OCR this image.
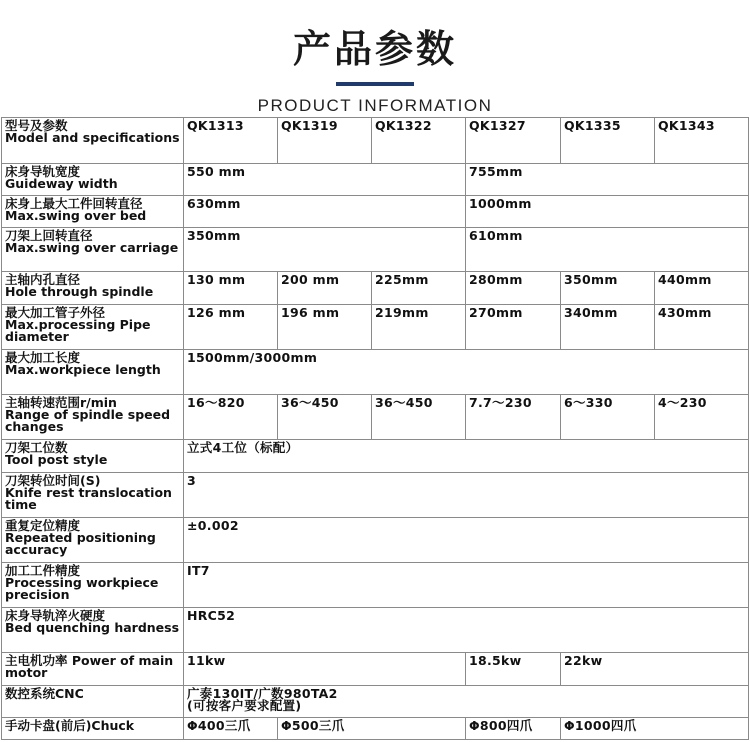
产品参数
PRODUCT INFORMATION
型号及参数
Model and specifications	QK1313	QK1319	QK1322	QK1327	QK1335	QK1343

床身导轨宽度
Guideway width	550 mm			755mm		

床身上最大工件回转直径
Max.swing over bed	630mm			1000mm		

刀架上回转直径
Max.swing over carriage	350mm			610mm		

主轴内孔直径
Hole through spindle	130 mm	200 mm	225mm	280mm	350mm	440mm

最大加工管子外径
Max.processing Pipe diameter	126 mm	196 mm	219mm	270mm	340mm	430mm

最大加工长度
Max.workpiece length	1500mm/3000mm					

主轴转速范围r/min
Range of spindle speed changes	16～820	36～450	36～450	7.7～230	6～330	4～230

刀架工位数
Tool post style	立式4工位（标配）					

刀架转位时间(S)
Knife rest translocation time	3					

重复定位精度
Repeated positioning accuracy	±0.002					

加工工件精度
Processing workpiece precision	IT7					

床身导轨淬火硬度
Bed quenching hardness	HRC52					
主电机功率 Power of main motor	11kw			18.5kw	22kw	
数控系统CNC	广泰130IT/广数980TA2
(可按客户要求配置)					
手动卡盘(前后)Chuck	Φ400三爪	Φ500三爪		Φ800四爪	Φ1000四爪	
